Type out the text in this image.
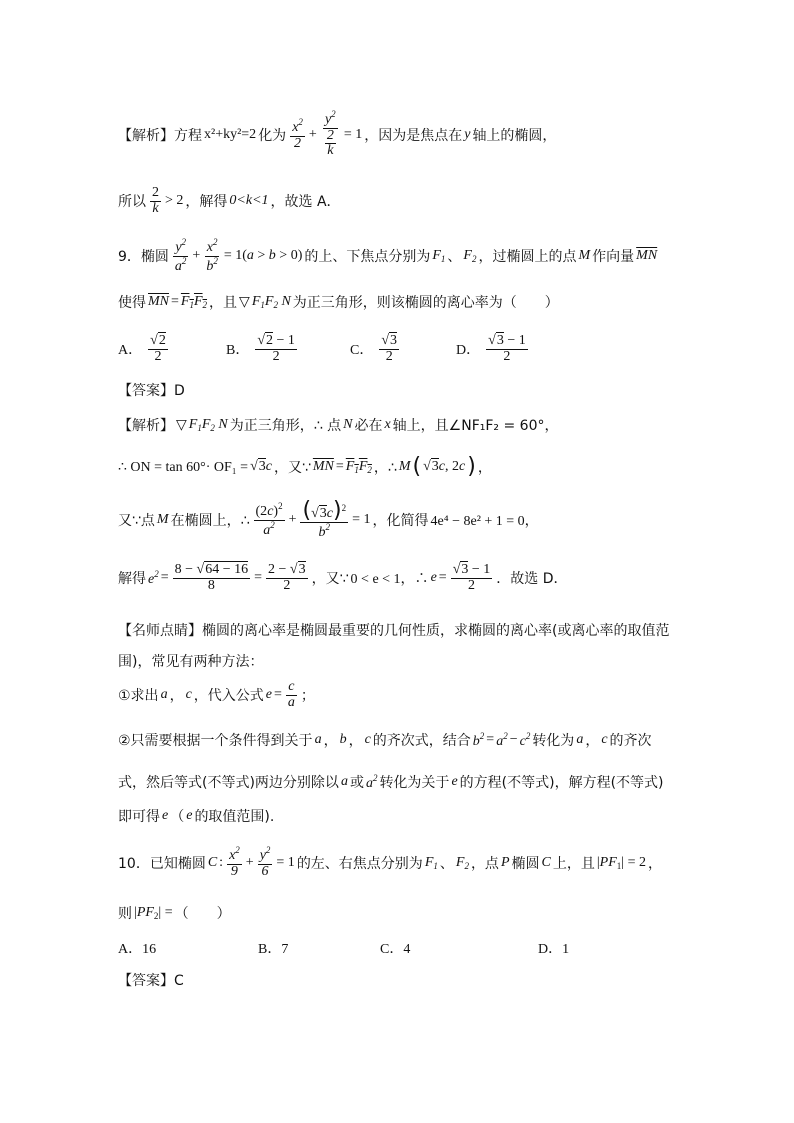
【解析】方程 x²+ky²=2 化为 $\frac{x^2}{2} + \frac{y^2}{\frac{2}{k}} = 1$ ，因为是焦点在 y 轴上的椭圆，
所以 $\frac{2}{k} > 2$ ，解得 0<k<1 ，故选 A．
9．椭圆 $\frac{y^2}{a^2} + \frac{x^2}{b^2} = 1(a > b > 0)$ 的上、下焦点分别为 $F_1$ 、 $F_2$ ，过椭圆上的点 M 作向量 $\overline{MN}$
使得 $\overline{MN} = F_1F_2$ ，且 ▽ $F_1F_2$ N 为正三角形，则该椭圆的离心率为（　　）
A． $\frac{√2}{2}$	B． $\frac{√2 - 1}{2}$	C． $\frac{√3}{2}$	D． $\frac{√3 - 1}{2}$
【答案】D
【解析】 ▽ $F_1F_2$ N 为正三角形，∴ 点 N 必在 x 轴上，且∠NF₁F₂ = 60°，
∴ ON = tan 60°· OF₁ = √3c ，又∵ $\overline{MN} = F_1F_2$ ，∴ M ( √3c, 2c ) ，
又∵点 M 在椭圆上，∴ $\frac{(2c)^2}{a^2} + \frac{(√3c)^2}{b^2} = 1$ ，化简得 4e⁴ − 8e² + 1 = 0，
解得 $e^2 = \frac{8 - √64 - 16}{8} = \frac{2 - √3}{2}$ ，又∵ 0 < e < 1，∴ $e = \frac{√3 - 1}{2}$ ．故选 D．
【名师点睛】椭圆的离心率是椭圆最重要的几何性质，求椭圆的离心率(或离心率的取值范
围)，常见有两种方法：
①求出 a ， c ，代入公式 $e = \frac{c}{a}$ ；
②只需要根据一个条件得到关于 a ， b ， c 的齐次式，结合 $b^2 = a^2 - c^2$ 转化为 a ， c 的齐次
式，然后等式(不等式)两边分别除以 a 或 $a^2$ 转化为关于 e 的方程(不等式)，解方程(不等式)
即可得 e （ e 的取值范围).
10．已知椭圆 C : $\frac{x^2}{9} + \frac{y^2}{6} = 1$ 的左、右焦点分别为 $F_1$ 、 $F_2$ ，点 P 椭圆 C 上，且 $|PF_1| = 2$ ，
则 $|PF_2|$ = （　　）
A．16	B．7	C．4	D．1
【答案】C
